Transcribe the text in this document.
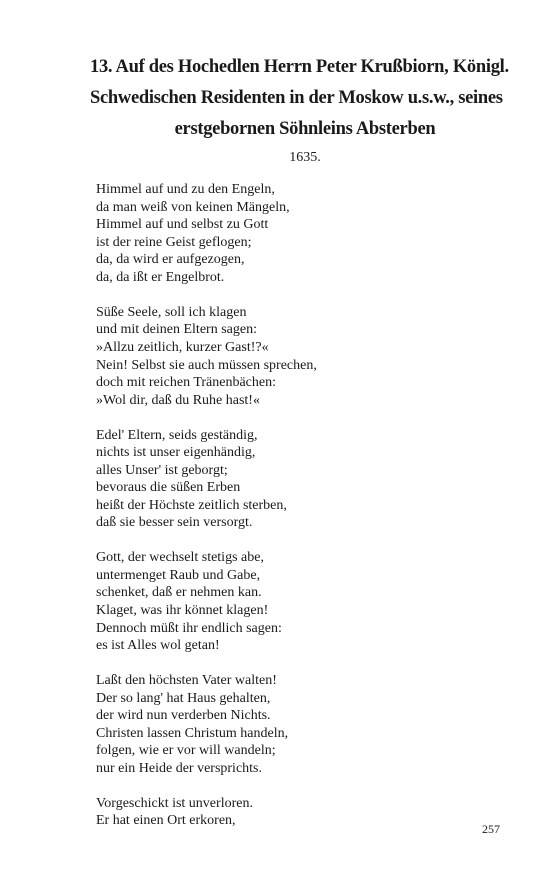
13. Auf des Hochedlen Herrn Peter Krußbiorn, Königl.
Schwedischen Residenten in der Moskow u.s.w., seines
erstgebornen Söhnleins Absterben
1635.
Himmel auf und zu den Engeln,
da man weiß von keinen Mängeln,
Himmel auf und selbst zu Gott
ist der reine Geist geflogen;
da, da wird er aufgezogen,
da, da ißt er Engelbrot.
Süße Seele, soll ich klagen
und mit deinen Eltern sagen:
»Allzu zeitlich, kurzer Gast!?«
Nein! Selbst sie auch müssen sprechen,
doch mit reichen Tränenbächen:
»Wol dir, daß du Ruhe hast!«
Edel' Eltern, seids geständig,
nichts ist unser eigenhändig,
alles Unser' ist geborgt;
bevoraus die süßen Erben
heißt der Höchste zeitlich sterben,
daß sie besser sein versorgt.
Gott, der wechselt stetigs abe,
untermenget Raub und Gabe,
schenket, daß er nehmen kan.
Klaget, was ihr könnet klagen!
Dennoch müßt ihr endlich sagen:
es ist Alles wol getan!
Laßt den höchsten Vater walten!
Der so lang' hat Haus gehalten,
der wird nun verderben Nichts.
Christen lassen Christum handeln,
folgen, wie er vor will wandeln;
nur ein Heide der versprichts.
Vorgeschickt ist unverloren.
Er hat einen Ort erkoren,
257
